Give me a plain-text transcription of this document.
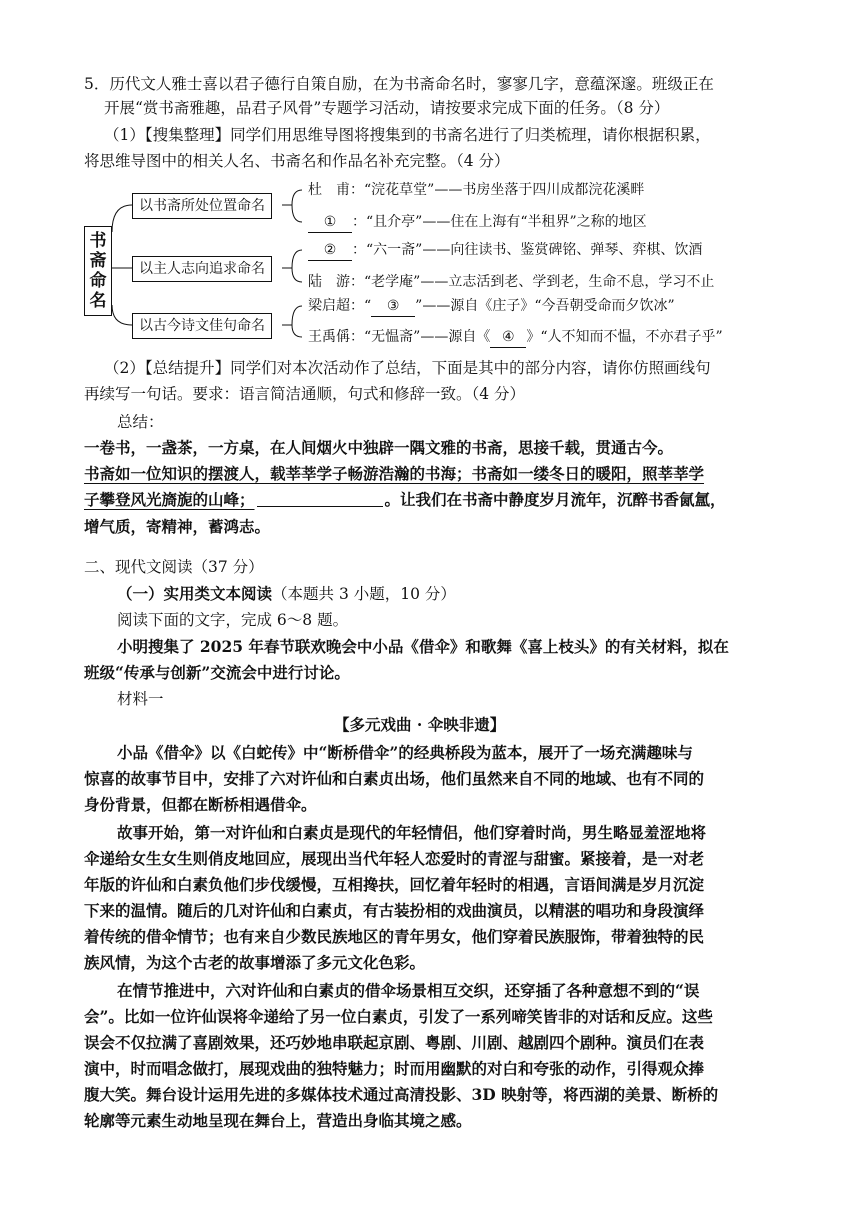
5．历代文人雅士喜以君子德行自策自励，在为书斋命名时，寥寥几字，意蕴深邃。班级正在
开展“赏书斋雅趣，品君子风骨”专题学习活动，请按要求完成下面的任务。（8 分）
（1）【搜集整理】同学们用思维导图将搜集到的书斋名进行了归类梳理，请你根据积累，
将思维导图中的相关人名、书斋名和作品名补充完整。（4 分）
书
斋
命
名
以书斋所处位置命名
以主人志向追求命名
以古今诗文佳句命名
杜　甫：“浣花草堂”——书房坐落于四川成都浣花溪畔
① ：“且介亭”——住在上海有“半租界”之称的地区
② ：“六一斋”——向往读书、鉴赏碑铭、弹琴、弈棋、饮酒
陆　游：“老学庵”——立志活到老、学到老，生命不息，学习不止
梁启超：“ ③ ”——源自《庄子》“今吾朝受命而夕饮冰”
王禹偁：“无愠斋”——源自《 ④ 》“人不知而不愠，不亦君子乎”
（2）【总结提升】同学们对本次活动作了总结，下面是其中的部分内容，请你仿照画线句
再续写一句话。要求：语言简洁通顺，句式和修辞一致。（4 分）
总结：
一卷书，一盏茶，一方桌，在人间烟火中独辟一隅文雅的书斋，思接千载，贯通古今。
书斋如一位知识的摆渡人，载莘莘学子畅游浩瀚的书海；书斋如一缕冬日的暖阳，照莘莘学
子攀登风光旖旎的山峰；	。让我们在书斋中静度岁月流年，沉醉书香氤氲，
增气质，寄精神，蓄鸿志。
二、现代文阅读（37 分）
（一）实用类文本阅读（本题共 3 小题，10 分）
阅读下面的文字，完成 6～8 题。
小明搜集了 2025 年春节联欢晚会中小品《借伞》和歌舞《喜上枝头》的有关材料，拟在
班级“传承与创新”交流会中进行讨论。
材料一
【多元戏曲 · 伞映非遗】
小品《借伞》以《白蛇传》中“断桥借伞”的经典桥段为蓝本，展开了一场充满趣味与
惊喜的故事节目中，安排了六对许仙和白素贞出场，他们虽然来自不同的地域、也有不同的
身份背景，但都在断桥相遇借伞。
故事开始，第一对许仙和白素贞是现代的年轻情侣，他们穿着时尚，男生略显羞涩地将
伞递给女生女生则俏皮地回应，展现出当代年轻人恋爱时的青涩与甜蜜。紧接着，是一对老
年版的许仙和白素负他们步伐缓慢，互相搀扶，回忆着年轻时的相遇，言语间满是岁月沉淀
下来的温情。随后的几对许仙和白素贞，有古装扮相的戏曲演员，以精湛的唱功和身段演绎
着传统的借伞情节；也有来自少数民族地区的青年男女，他们穿着民族服饰，带着独特的民
族风情，为这个古老的故事增添了多元文化色彩。
在情节推进中，六对许仙和白素贞的借伞场景相互交织，还穿插了各种意想不到的“误
会”。比如一位许仙误将伞递给了另一位白素贞，引发了一系列啼笑皆非的对话和反应。这些
误会不仅拉满了喜剧效果，还巧妙地串联起京剧、粤剧、川剧、越剧四个剧种。演员们在表
演中，时而唱念做打，展现戏曲的独特魅力；时而用幽默的对白和夸张的动作，引得观众捧
腹大笑。舞台设计运用先进的多媒体技术通过高清投影、3D 映射等，将西湖的美景、断桥的
轮廓等元素生动地呈现在舞台上，营造出身临其境之感。
